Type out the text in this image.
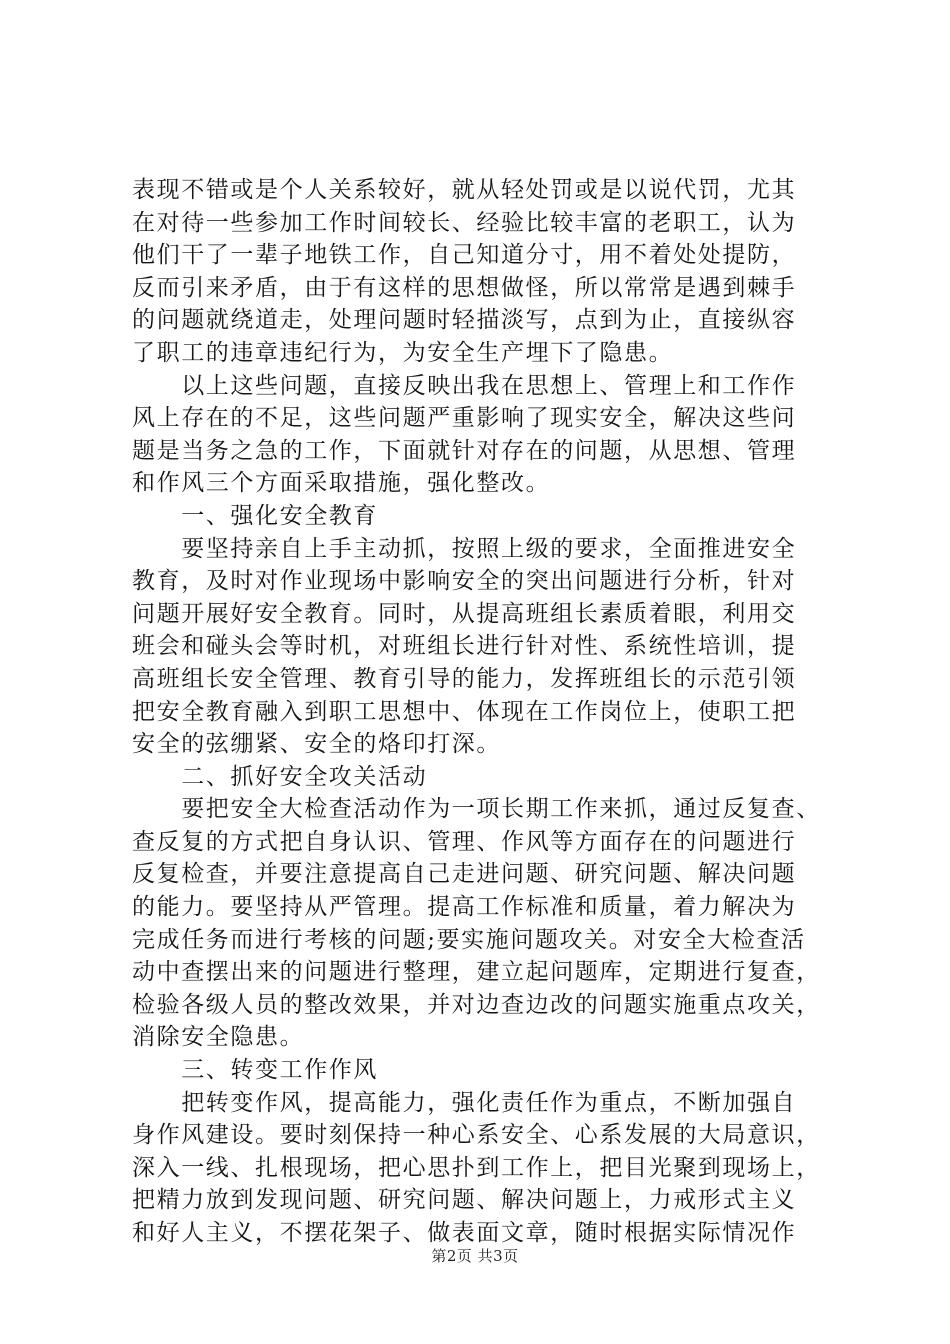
表现不错或是个人关系较好，就从轻处罚或是以说代罚，尤其
在对待一些参加工作时间较长、经验比较丰富的老职工，认为
他们干了一辈子地铁工作，自己知道分寸，用不着处处提防，
反而引来矛盾，由于有这样的思想做怪，所以常常是遇到棘手
的问题就绕道走，处理问题时轻描淡写，点到为止，直接纵容
了职工的违章违纪行为，为安全生产埋下了隐患。
　　以上这些问题，直接反映出我在思想上、管理上和工作作
风上存在的不足，这些问题严重影响了现实安全，解决这些问
题是当务之急的工作，下面就针对存在的问题，从思想、管理
和作风三个方面采取措施，强化整改。
　　一、强化安全教育
　　要坚持亲自上手主动抓，按照上级的要求，全面推进安全
教育，及时对作业现场中影响安全的突出问题进行分析，针对
问题开展好安全教育。同时，从提高班组长素质着眼，利用交
班会和碰头会等时机，对班组长进行针对性、系统性培训，提
高班组长安全管理、教育引导的能力，发挥班组长的示范引领
把安全教育融入到职工思想中、体现在工作岗位上，使职工把
安全的弦绷紧、安全的烙印打深。
　　二、抓好安全攻关活动
　　要把安全大检查活动作为一项长期工作来抓，通过反复查、
查反复的方式把自身认识、管理、作风等方面存在的问题进行
反复检查，并要注意提高自己走进问题、研究问题、解决问题
的能力。要坚持从严管理。提高工作标准和质量，着力解决为
完成任务而进行考核的问题;要实施问题攻关。对安全大检查活
动中查摆出来的问题进行整理，建立起问题库，定期进行复查，
检验各级人员的整改效果，并对边查边改的问题实施重点攻关，
消除安全隐患。
　　三、转变工作作风
　　把转变作风，提高能力，强化责任作为重点，不断加强自
身作风建设。要时刻保持一种心系安全、心系发展的大局意识，
深入一线、扎根现场，把心思扑到工作上，把目光聚到现场上，
把精力放到发现问题、研究问题、解决问题上，力戒形式主义
和好人主义，不摆花架子、做表面文章，随时根据实际情况作
第2页 共3页
